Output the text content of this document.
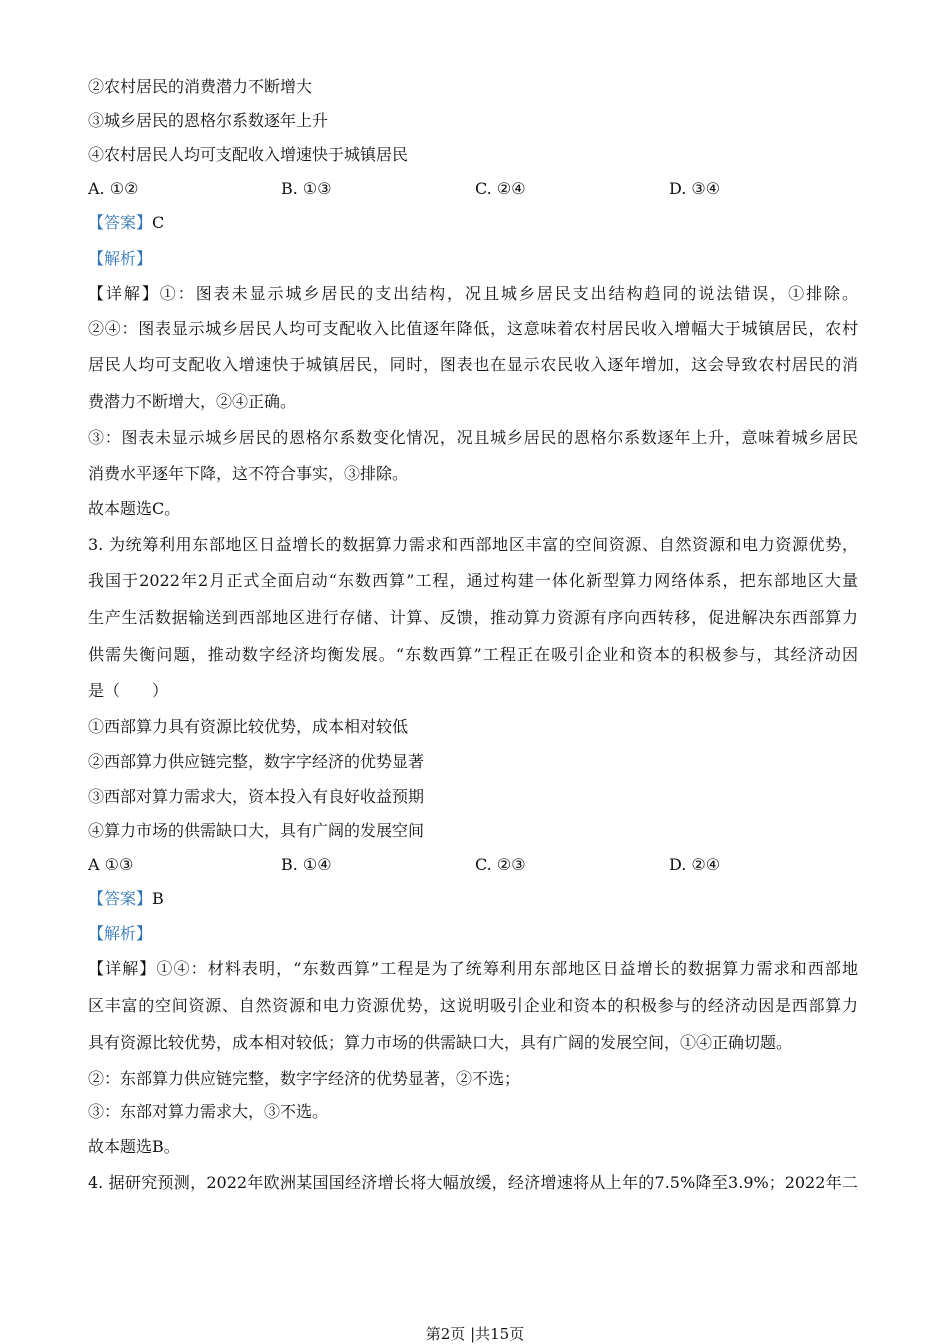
②农村居民的消费潜力不断增大
③城乡居民的恩格尔系数逐年上升
④农村居民人均可支配收入增速快于城镇居民
A. ①②	B. ①③	C. ②④	D. ③④
【答案】C
【解析】
【详解】①：图表未显示城乡居民的支出结构，况且城乡居民支出结构趋同的说法错误，①排除。
②④：图表显示城乡居民人均可支配收入比值逐年降低，这意味着农村居民收入增幅大于城镇居民，农村
居民人均可支配收入增速快于城镇居民，同时，图表也在显示农民收入逐年增加，这会导致农村居民的消
费潜力不断增大，②④正确。
③：图表未显示城乡居民的恩格尔系数变化情况，况且城乡居民的恩格尔系数逐年上升，意味着城乡居民
消费水平逐年下降，这不符合事实，③排除。
故本题选C。
3. 为统筹利用东部地区日益增长的数据算力需求和西部地区丰富的空间资源、自然资源和电力资源优势，
我国于2022年2月正式全面启动“东数西算”工程，通过构建一体化新型算力网络体系，把东部地区大量
生产生活数据输送到西部地区进行存储、计算、反馈，推动算力资源有序向西转移，促进解决东西部算力
供需失衡问题，推动数字经济均衡发展。“东数西算”工程正在吸引企业和资本的积极参与，其经济动因
是（　　）
①西部算力具有资源比较优势，成本相对较低
②西部算力供应链完整，数字字经济的优势显著
③西部对算力需求大，资本投入有良好收益预期
④算力市场的供需缺口大，具有广阔的发展空间
A ①③	B. ①④	C. ②③	D. ②④
【答案】B
【解析】
【详解】①④：材料表明，“东数西算”工程是为了统筹利用东部地区日益增长的数据算力需求和西部地
区丰富的空间资源、自然资源和电力资源优势，这说明吸引企业和资本的积极参与的经济动因是西部算力
具有资源比较优势，成本相对较低；算力市场的供需缺口大，具有广阔的发展空间，①④正确切题。
②：东部算力供应链完整，数字字经济的优势显著，②不选；
③：东部对算力需求大，③不选。
故本题选B。
4. 据研究预测，2022年欧洲某国国经济增长将大幅放缓，经济增速将从上年的7.5%降至3.9%；2022年二
第2页 |共15页
